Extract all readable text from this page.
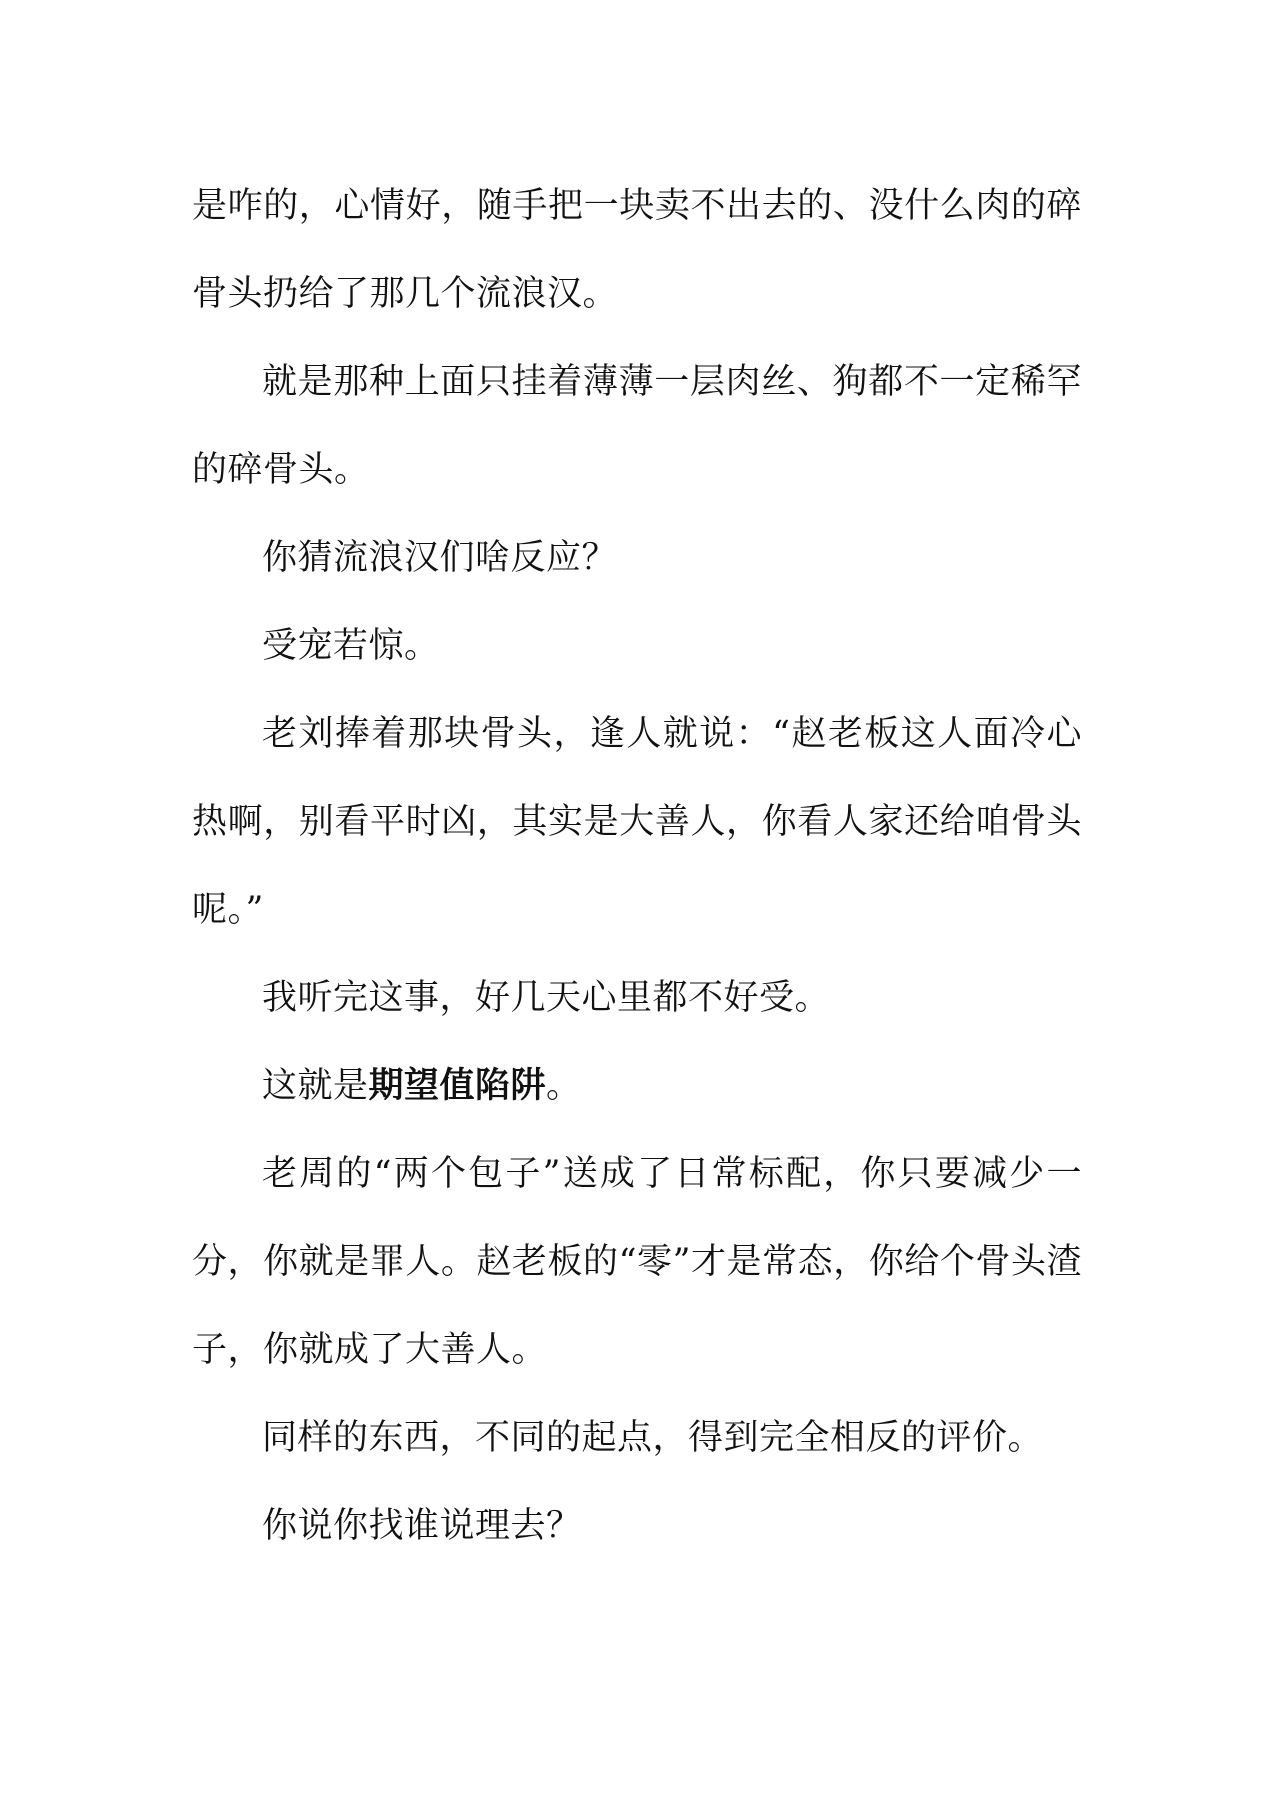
是咋的，心情好，随手把一块卖不出去的、没什么肉的碎骨头扔给了那几个流浪汉。

就是那种上面只挂着薄薄一层肉丝、狗都不一定稀罕的碎骨头。

你猜流浪汉们啥反应？

受宠若惊。

老刘捧着那块骨头，逢人就说：“赵老板这人面冷心热啊，别看平时凶，其实是大善人，你看人家还给咱骨头呢。”

我听完这事，好几天心里都不好受。

这就是期望值陷阱。

老周的“两个包子”送成了日常标配，你只要减少一分，你就是罪人。赵老板的“零”才是常态，你给个骨头渣子，你就成了大善人。

同样的东西，不同的起点，得到完全相反的评价。

你说你找谁说理去？
